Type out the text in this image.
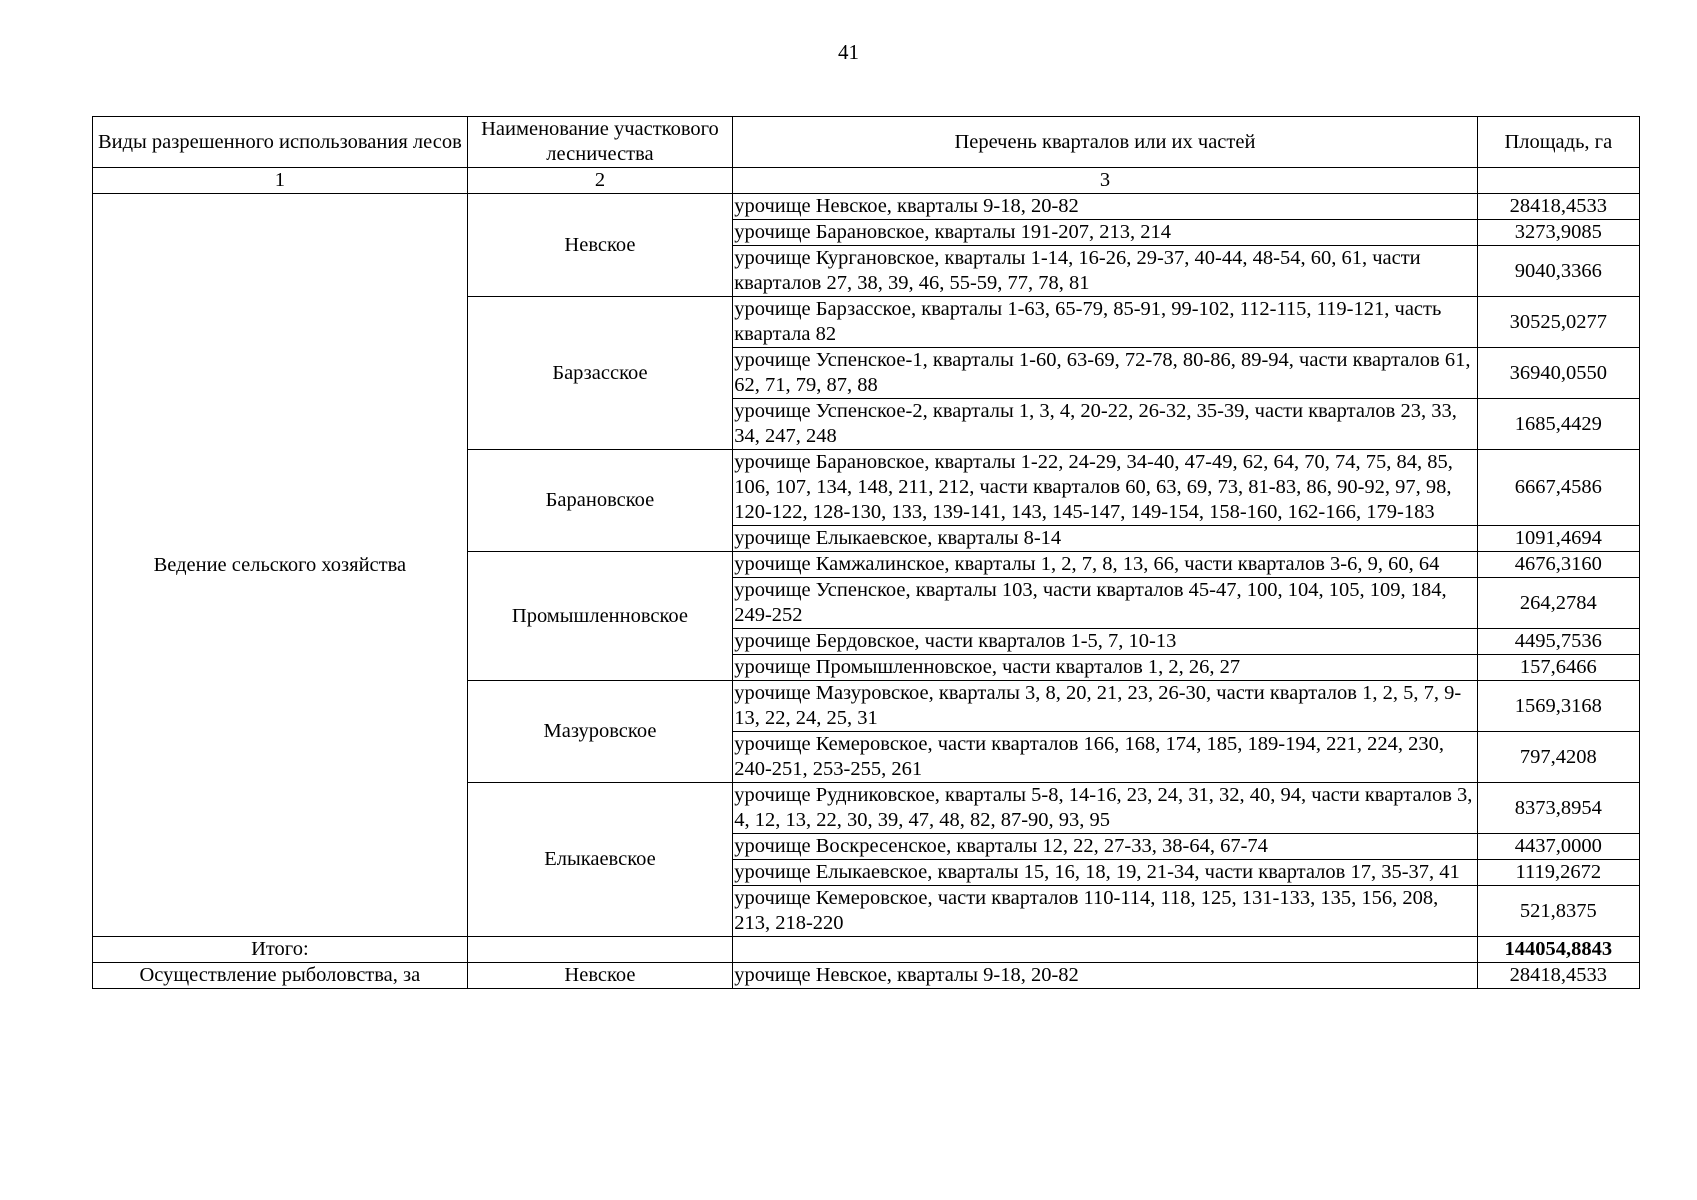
41
Виды разрешенного использования лесов	Наименование участкового лесничества	Перечень кварталов или их частей	Площадь, га
1	2	3	
Ведение сельского хозяйства	Невское	урочище Невское, кварталы 9-18, 20-82	28418,4533
		урочище Барановское, кварталы 191-207, 213, 214	3273,9085
		урочище Кургановское, кварталы 1-14, 16-26, 29-37, 40-44, 48-54, 60, 61, части кварталов 27, 38, 39, 46, 55-59, 77, 78, 81	9040,3366
	Барзасское	урочище Барзасское, кварталы 1-63, 65-79, 85-91, 99-102, 112-115, 119-121, часть квартала 82	30525,0277
		урочище Успенское-1, кварталы 1-60, 63-69, 72-78, 80-86, 89-94, части кварталов 61, 62, 71, 79, 87, 88	36940,0550
		урочище Успенское-2, кварталы 1, 3, 4, 20-22, 26-32, 35-39, части кварталов 23, 33, 34, 247, 248	1685,4429
	Барановское	урочище Барановское, кварталы 1-22, 24-29, 34-40, 47-49, 62, 64, 70, 74, 75, 84, 85, 106, 107, 134, 148, 211, 212, части кварталов 60, 63, 69, 73, 81-83, 86, 90-92, 97, 98, 120-122, 128-130, 133, 139-141, 143, 145-147, 149-154, 158-160, 162-166, 179-183	6667,4586
		урочище Елыкаевское, кварталы 8-14	1091,4694
	Промышленновское	урочище Камжалинское, кварталы 1, 2, 7, 8, 13, 66, части кварталов 3-6, 9, 60, 64	4676,3160
		урочище Успенское, кварталы 103, части кварталов 45-47, 100, 104, 105, 109, 184, 249-252	264,2784
		урочище Бердовское, части кварталов 1-5, 7, 10-13	4495,7536
		урочище Промышленновское, части кварталов 1, 2, 26, 27	157,6466
	Мазуровское	урочище Мазуровское, кварталы 3, 8, 20, 21, 23, 26-30, части кварталов 1, 2, 5, 7, 9-13, 22, 24, 25, 31	1569,3168
		урочище Кемеровское, части кварталов 166, 168, 174, 185, 189-194, 221, 224, 230, 240-251, 253-255, 261	797,4208
	Елыкаевское	урочище Рудниковское, кварталы 5-8, 14-16, 23, 24, 31, 32, 40, 94, части кварталов 3, 4, 12, 13, 22, 30, 39, 47, 48, 82, 87-90, 93, 95	8373,8954
		урочище Воскресенское, кварталы 12, 22, 27-33, 38-64, 67-74	4437,0000
		урочище Елыкаевское, кварталы 15, 16, 18, 19, 21-34, части кварталов 17, 35-37, 41	1119,2672
		урочище Кемеровское, части кварталов 110-114, 118, 125, 131-133, 135, 156, 208, 213, 218-220	521,8375
Итого:			144054,8843
Осуществление рыболовства, за	Невское	урочище Невское, кварталы 9-18, 20-82	28418,4533
